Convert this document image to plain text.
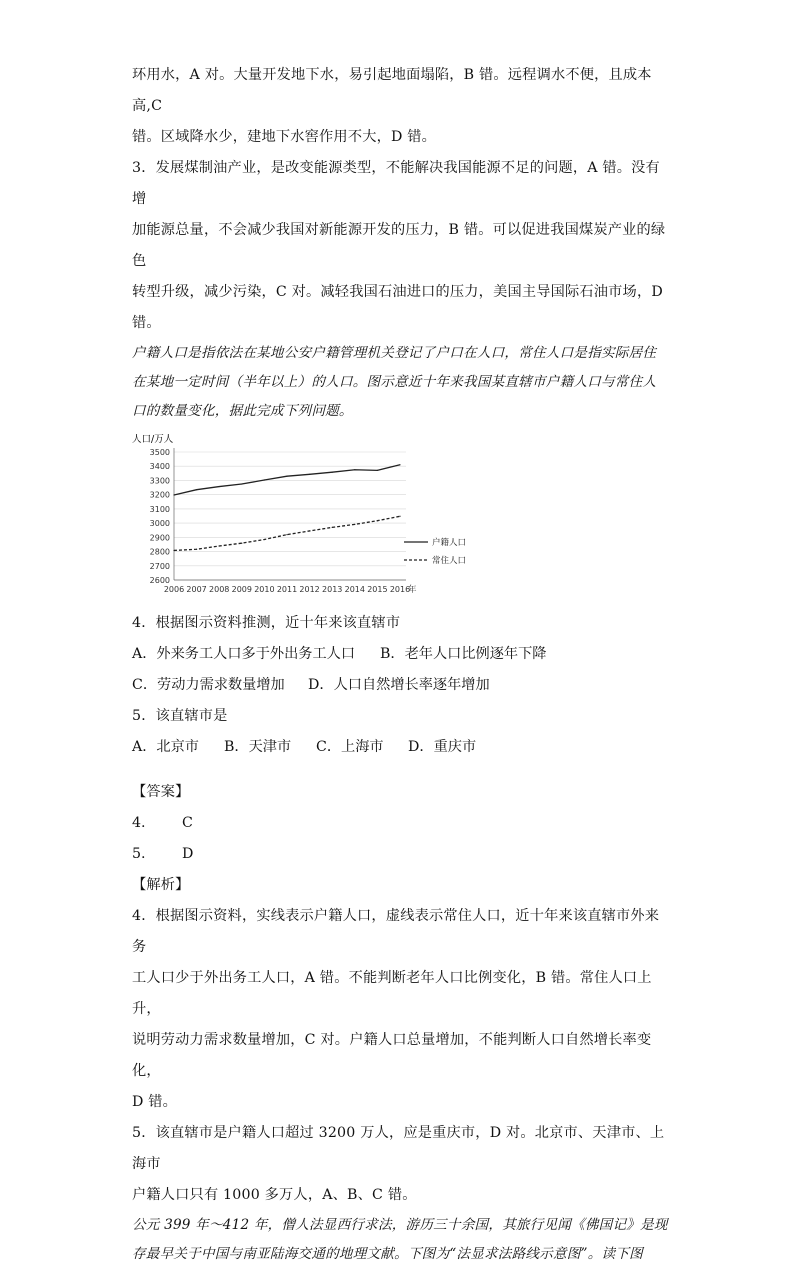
环用水，A 对。大量开发地下水，易引起地面塌陷，B 错。远程调水不便，且成本高,C

错。区域降水少，建地下水窖作用不大，D 错。

3．发展煤制油产业，是改变能源类型，不能解决我国能源不足的问题，A 错。没有增

加能源总量，不会减少我国对新能源开发的压力，B 错。可以促进我国煤炭产业的绿色

转型升级，减少污染，C 对。减轻我国石油进口的压力，美国主导国际石油市场，D 错。

户籍人口是指依法在某地公安户籍管理机关登记了户口在人口，常住人口是指实际居住

在某地一定时间（半年以上）的人口。图示意近十年来我国某直辖市户籍人口与常住人

口的数量变化，据此完成下列问题。

人口/万人
2600
2700
2800
2900
3000
3100
3200
3300
3400
3500
2006 2007 2008 2009 2010 2011 2012 2013 2014 2015 2016
年
户籍人口
常住人口

4．根据图示资料推测，近十年来该直辖市

A．外来务工人口多于外出务工人口	B．老年人口比例逐年下降
C．劳动力需求数量增加	D．人口自然增长率逐年增加

5．该直辖市是

A．北京市	B．天津市	C．上海市	D．重庆市

【答案】

4.	C
5.	D

【解析】

4．根据图示资料，实线表示户籍人口，虚线表示常住人口，近十年来该直辖市外来务

工人口少于外出务工人口，A 错。不能判断老年人口比例变化，B 错。常住人口上升，

说明劳动力需求数量增加，C 对。户籍人口总量增加，不能判断人口自然增长率变化，

D 错。

5．该直辖市是户籍人口超过 3200 万人，应是重庆市，D 对。北京市、天津市、上海市

户籍人口只有 1000 多万人，A、B、C 错。

公元 399 年～412 年，僧人法显西行求法，游历三十余国，其旅行见闻《佛国记》是现

存最早关于中国与南亚陆海交通的地理文献。下图为“法显求法路线示意图”。读下图
